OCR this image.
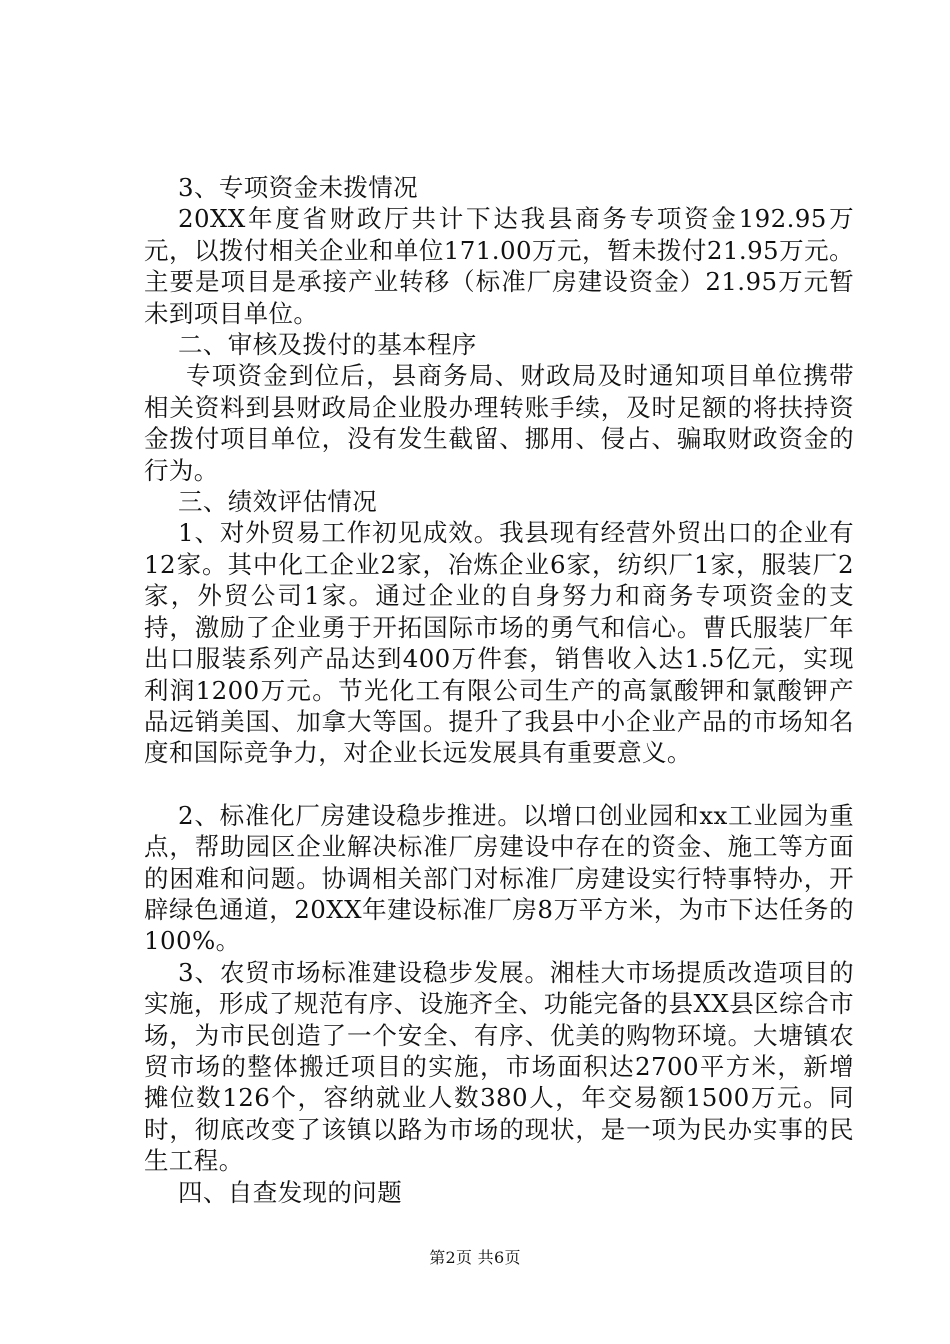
3、专项资金未拨情况

20XX年度省财政厅共计下达我县商务专项资金192.95万元，以拨付相关企业和单位171.00万元，暂未拨付21.95万元。主要是项目是承接产业转移（标准厂房建设资金）21.95万元暂未到项目单位。

二、审核及拨付的基本程序

专项资金到位后，县商务局、财政局及时通知项目单位携带相关资料到县财政局企业股办理转账手续，及时足额的将扶持资金拨付项目单位，没有发生截留、挪用、侵占、骗取财政资金的行为。

三、绩效评估情况

1、对外贸易工作初见成效。我县现有经营外贸出口的企业有12家。其中化工企业2家，冶炼企业6家，纺织厂1家，服装厂2家，外贸公司1家。通过企业的自身努力和商务专项资金的支持，激励了企业勇于开拓国际市场的勇气和信心。曹氏服装厂年出口服装系列产品达到400万件套，销售收入达1.5亿元，实现利润1200万元。节光化工有限公司生产的高氯酸钾和氯酸钾产品远销美国、加拿大等国。提升了我县中小企业产品的市场知名度和国际竞争力，对企业长远发展具有重要意义。

2、标准化厂房建设稳步推进。以增口创业园和xx工业园为重点，帮助园区企业解决标准厂房建设中存在的资金、施工等方面的困难和问题。协调相关部门对标准厂房建设实行特事特办，开辟绿色通道，20XX年建设标准厂房8万平方米，为市下达任务的100%。

3、农贸市场标准建设稳步发展。湘桂大市场提质改造项目的实施，形成了规范有序、设施齐全、功能完备的县XX县区综合市场，为市民创造了一个安全、有序、优美的购物环境。大塘镇农贸市场的整体搬迁项目的实施，市场面积达2700平方米，新增摊位数126个，容纳就业人数380人，年交易额1500万元。同时，彻底改变了该镇以路为市场的现状，是一项为民办实事的民生工程。

四、自查发现的问题

第2页 共6页
